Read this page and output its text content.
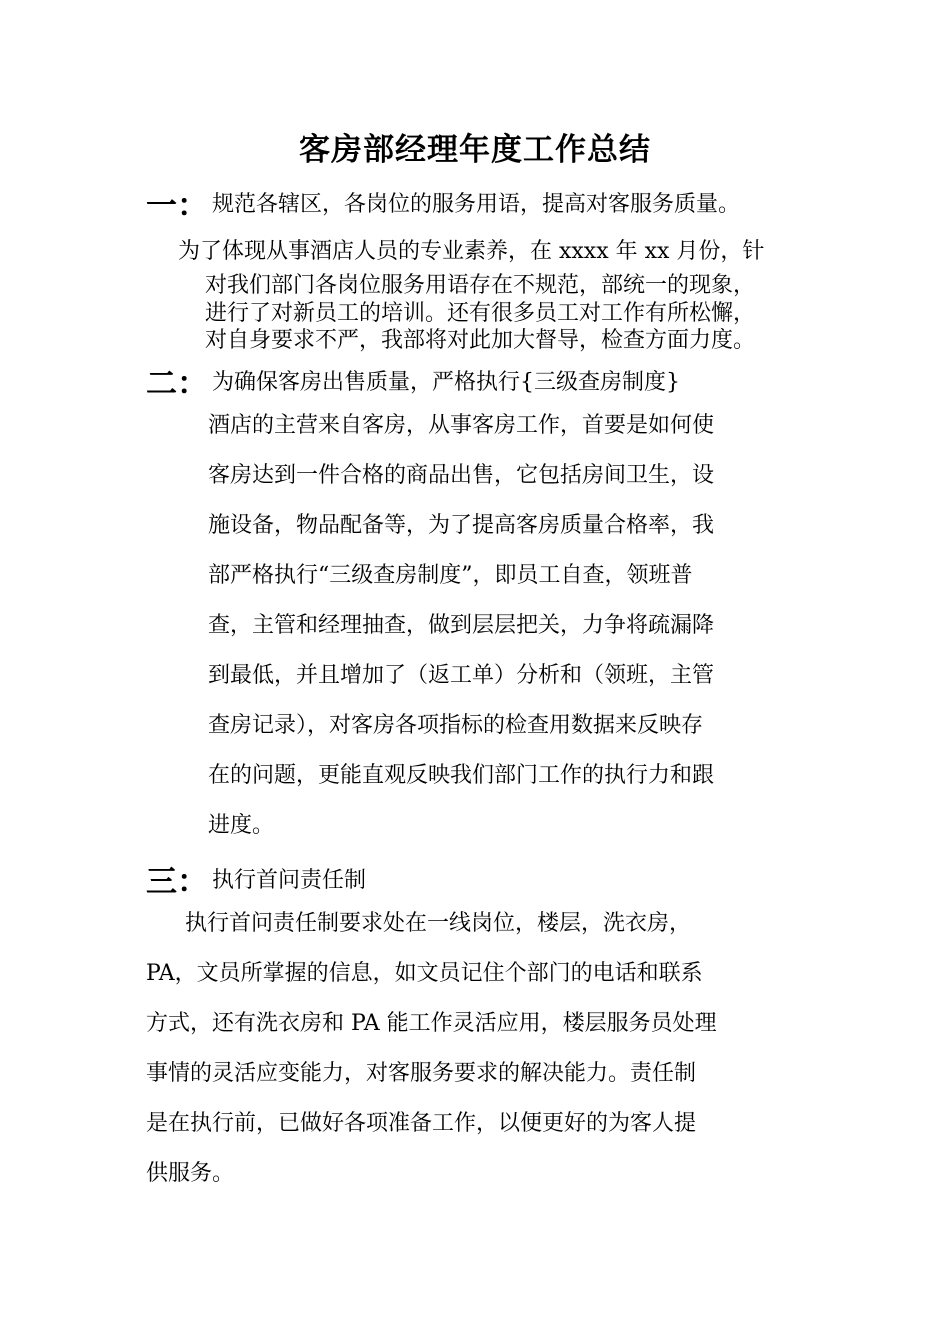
客房部经理年度工作总结
一： 规范各辖区，各岗位的服务用语，提高对客服务质量。
为了体现从事酒店人员的专业素养，在 xxxx 年 xx 月份，针
对我们部门各岗位服务用语存在不规范，部统一的现象，
进行了对新员工的培训。还有很多员工对工作有所松懈，
对自身要求不严，我部将对此加大督导，检查方面力度。
二： 为确保客房出售质量，严格执行{三级查房制度}
酒店的主营来自客房，从事客房工作，首要是如何使
客房达到一件合格的商品出售，它包括房间卫生，设
施设备，物品配备等，为了提高客房质量合格率，我
部严格执行“三级查房制度”，即员工自查，领班普
查，主管和经理抽查，做到层层把关，力争将疏漏降
到最低，并且增加了（返工单）分析和（领班，主管
查房记录），对客房各项指标的检查用数据来反映存
在的问题，更能直观反映我们部门工作的执行力和跟
进度。
三： 执行首问责任制
执行首问责任制要求处在一线岗位，楼层，洗衣房，
PA，文员所掌握的信息，如文员记住个部门的电话和联系
方式，还有洗衣房和 PA 能工作灵活应用，楼层服务员处理
事情的灵活应变能力，对客服务要求的解决能力。责任制
是在执行前，已做好各项准备工作，以便更好的为客人提
供服务。
